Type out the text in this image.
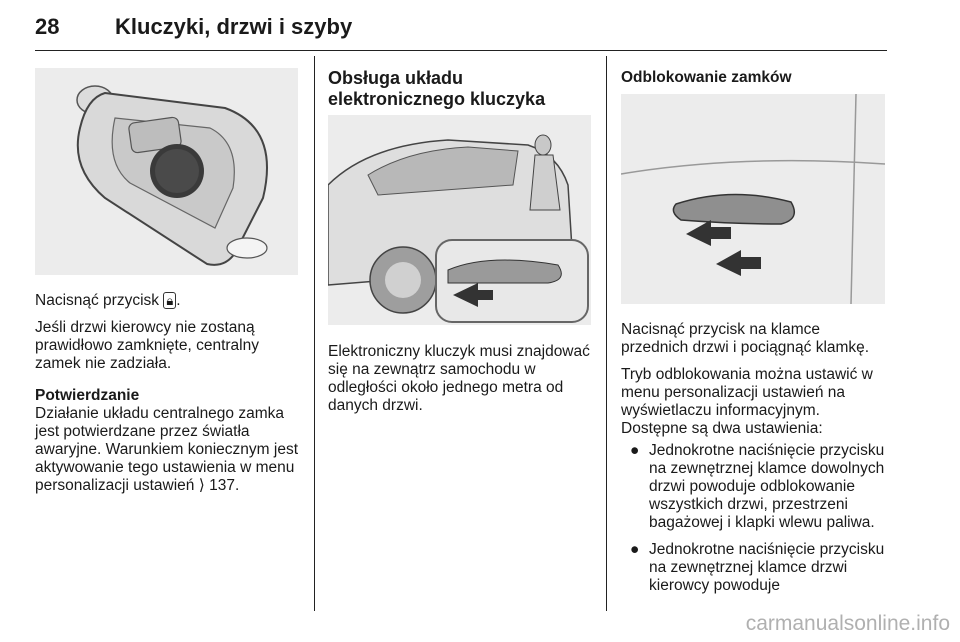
28	Kluczyki, drzwi i szyby

Nacisnąć przycisk 🔒︎ .

Jeśli drzwi kierowcy nie zostaną prawidłowo zamknięte, centralny zamek nie zadziała.

Potwierdzanie

Działanie układu centralnego zamka jest potwierdzane przez światła awaryjne. Warunkiem koniecznym jest aktywowanie tego ustawienia w menu personalizacji ustawień ⟩ 137.

Obsługa układu elektronicznego kluczyka

Elektroniczny kluczyk musi znajdować się na zewnątrz samochodu w odległości około jednego metra od danych drzwi.

Odblokowanie zamków

Nacisnąć przycisk na klamce przednich drzwi i pociągnąć klamkę.

Tryb odblokowania można ustawić w menu personalizacji ustawień na wyświetlaczu informacyjnym.

Dostępne są dwa ustawienia:

● Jednokrotne naciśnięcie przycisku na zewnętrznej klamce dowolnych drzwi powoduje odblokowanie wszystkich drzwi, przestrzeni bagażowej i klapki wlewu paliwa.
● Jednokrotne naciśnięcie przycisku na zewnętrznej klamce drzwi kierowcy powoduje
carmanualsonline.info
